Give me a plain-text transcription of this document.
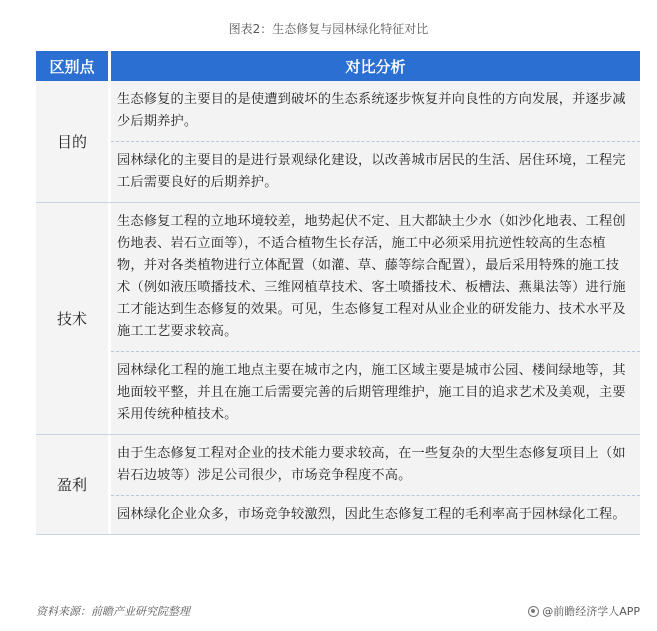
图表2：生态修复与园林绿化特征对比
区别点	对比分析
目的
生态修复的主要目的是使遭到破坏的生态系统逐步恢复并向良性的方向发展，并逐步减少后期养护。
园林绿化的主要目的是进行景观绿化建设，以改善城市居民的生活、居住环境，工程完工后需要良好的后期养护。
技术
生态修复工程的立地环境较差，地势起伏不定、且大都缺土少水（如沙化地表、工程创伤地表、岩石立面等），不适合植物生长存活，施工中必须采用抗逆性较高的生态植物，并对各类植物进行立体配置（如灌、草、藤等综合配置），最后采用特殊的施工技术（例如液压喷播技术、三维网植草技术、客土喷播技术、板槽法、燕巢法等）进行施工才能达到生态修复的效果。可见，生态修复工程对从业企业的研发能力、技术水平及施工工艺要求较高。
园林绿化工程的施工地点主要在城市之内，施工区域主要是城市公园、楼间绿地等，其地面较平整，并且在施工后需要完善的后期管理维护，施工目的追求艺术及美观，主要采用传统种植技术。
盈利
由于生态修复工程对企业的技术能力要求较高，在一些复杂的大型生态修复项目上（如岩石边坡等）涉足公司很少，市场竞争程度不高。
园林绿化企业众多，市场竞争较激烈，因此生态修复工程的毛利率高于园林绿化工程。
资料来源：前瞻产业研究院整理	@前瞻经济学人APP
